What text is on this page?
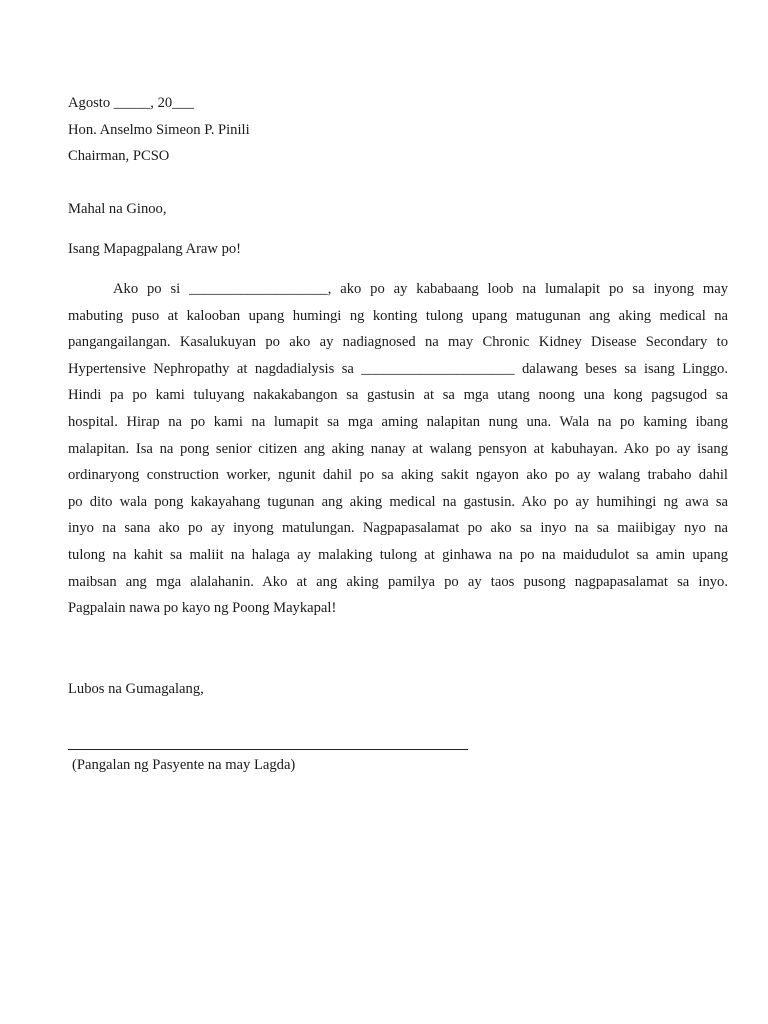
Agosto _____, 20___
Hon. Anselmo Simeon P. Pinili
Chairman, PCSO
Mahal na Ginoo,
Isang Mapagpalang Araw po!
Ako po si ___________________, ako po ay kababaang loob na lumalapit po sa inyong may
mabuting puso at kalooban upang humingi ng konting tulong upang matugunan ang aking medical na
pangangailangan. Kasalukuyan po ako ay nadiagnosed na may Chronic Kidney Disease Secondary to
Hypertensive Nephropathy at nagdadialysis sa _____________________ dalawang beses sa isang Linggo.
Hindi pa po kami tuluyang nakakabangon sa gastusin at sa mga utang noong una kong pagsugod sa
hospital. Hirap na po kami na lumapit sa mga aming nalapitan nung una. Wala na po kaming ibang
malapitan. Isa na pong senior citizen ang aking nanay at walang pensyon at kabuhayan. Ako po ay isang
ordinaryong construction worker, ngunit dahil po sa aking sakit ngayon ako po ay walang trabaho dahil
po dito wala pong kakayahang tugunan ang aking medical na gastusin. Ako po ay humihingi ng awa sa
inyo na sana ako po ay inyong matulungan. Nagpapasalamat po ako sa inyo na sa maiibigay nyo na
tulong na kahit sa maliit na halaga ay malaking tulong at ginhawa na po na maidudulot sa amin upang
maibsan ang mga alalahanin. Ako at ang aking pamilya po ay taos pusong nagpapasalamat sa inyo.
Pagpalain nawa po kayo ng Poong Maykapal!
Lubos na Gumagalang,
(Pangalan ng Pasyente na may Lagda)
